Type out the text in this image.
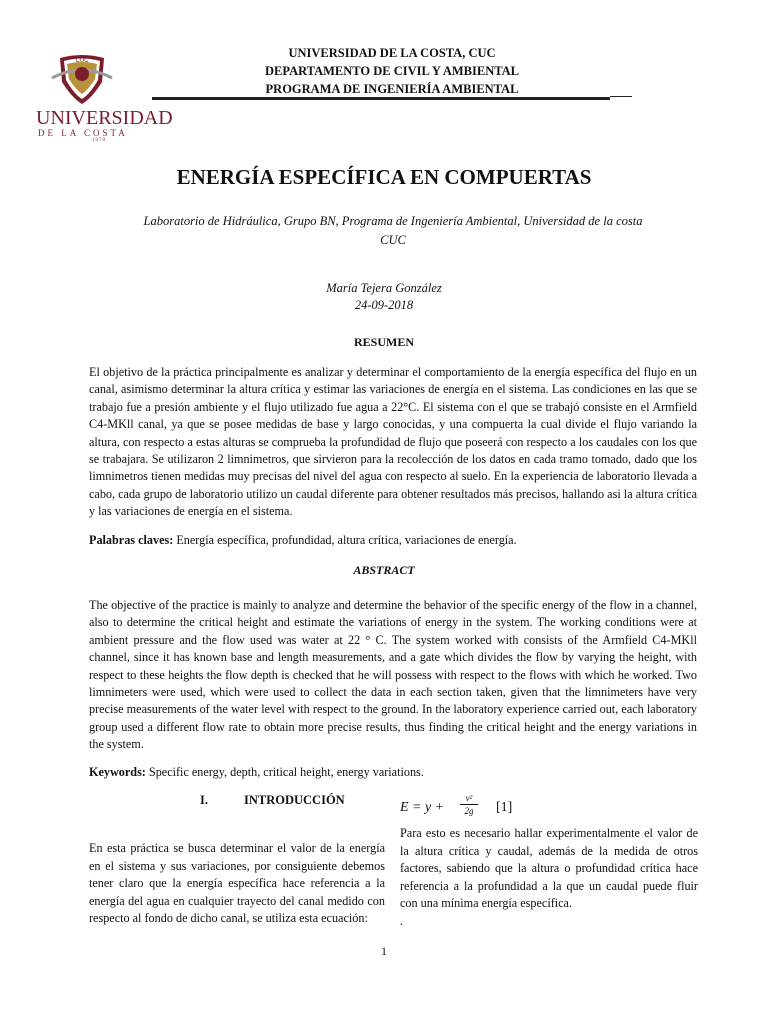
CUC
UNIVERSIDAD
DE LA COSTA
1970
UNIVERSIDAD DE LA COSTA, CUC
DEPARTAMENTO DE CIVIL Y AMBIENTAL
PROGRAMA DE INGENIERÍA AMBIENTAL
ENERGÍA ESPECÍFICA EN COMPUERTAS
Laboratorio de Hidráulica, Grupo BN, Programa de Ingeniería Ambiental, Universidad de la costa CUC
María Tejera González
24-09-2018
RESUMEN
El objetivo de la práctica principalmente es analizar y determinar el comportamiento de la energía específica del flujo en un canal, asimismo determinar la altura crítica y estimar las variaciones de energía en el sistema. Las condiciones en las que se trabajo fue a presión ambiente y el flujo utilizado fue agua a 22°C. El sistema con el que se trabajó consiste en el Armfield C4-MKll canal, ya que se posee medidas de base y largo conocidas, y una compuerta la cual divide el flujo variando la altura, con respecto a estas alturas se comprueba la profundidad de flujo que poseerá con respecto a los caudales con los que se trabajara. Se utilizaron 2 limnimetros, que sirvieron para la recolección de los datos en cada tramo tomado, dado que los limnimetros tienen medidas muy precisas del nivel del agua con respecto al suelo. En la experiencia de laboratorio llevada a cabo, cada grupo de laboratorio utilizo un caudal diferente para obtener resultados más precisos, hallando asi la altura crítica y las variaciones de energía en el sistema.
Palabras claves: Energía específica, profundidad, altura crítica, variaciones de energía.
ABSTRACT
The objective of the practice is mainly to analyze and determine the behavior of the specific energy of the flow in a channel, also to determine the critical height and estimate the variations of energy in the system. The working conditions were at ambient pressure and the flow used was water at 22 ° C. The system worked with consists of the Armfield C4-MKll channel, since it has known base and length measurements, and a gate which divides the flow by varying the height, with respect to these heights the flow depth is checked that he will possess with respect to the flows with which he worked. Two limnimeters were used, which were used to collect the data in each section taken, given that the limnimeters have very precise measurements of the water level with respect to the ground. In the laboratory experience carried out, each laboratory group used a different flow rate to obtain more precise results, thus finding the critical height and the energy variations in the system.
Keywords: Specific energy, depth, critical height, energy variations.
I.	INTRODUCCIÓN
En esta práctica se busca determinar el valor de la energía en el sistema y sus variaciones, por consiguiente debemos tener claro que la energía específica hace referencia a la energía del agua en cualquier trayecto del canal medido con respecto al fondo de dicho canal, se utiliza esta ecuación:
E = y +
v²
2g	[1]
Para esto es necesario hallar experimentalmente el valor de la altura crítica y caudal, además de la medida de otros factores, sabiendo que la altura o profundidad crítica hace referencia a la profundidad a la que un caudal puede fluir con una mínima energía específica.
.
1
